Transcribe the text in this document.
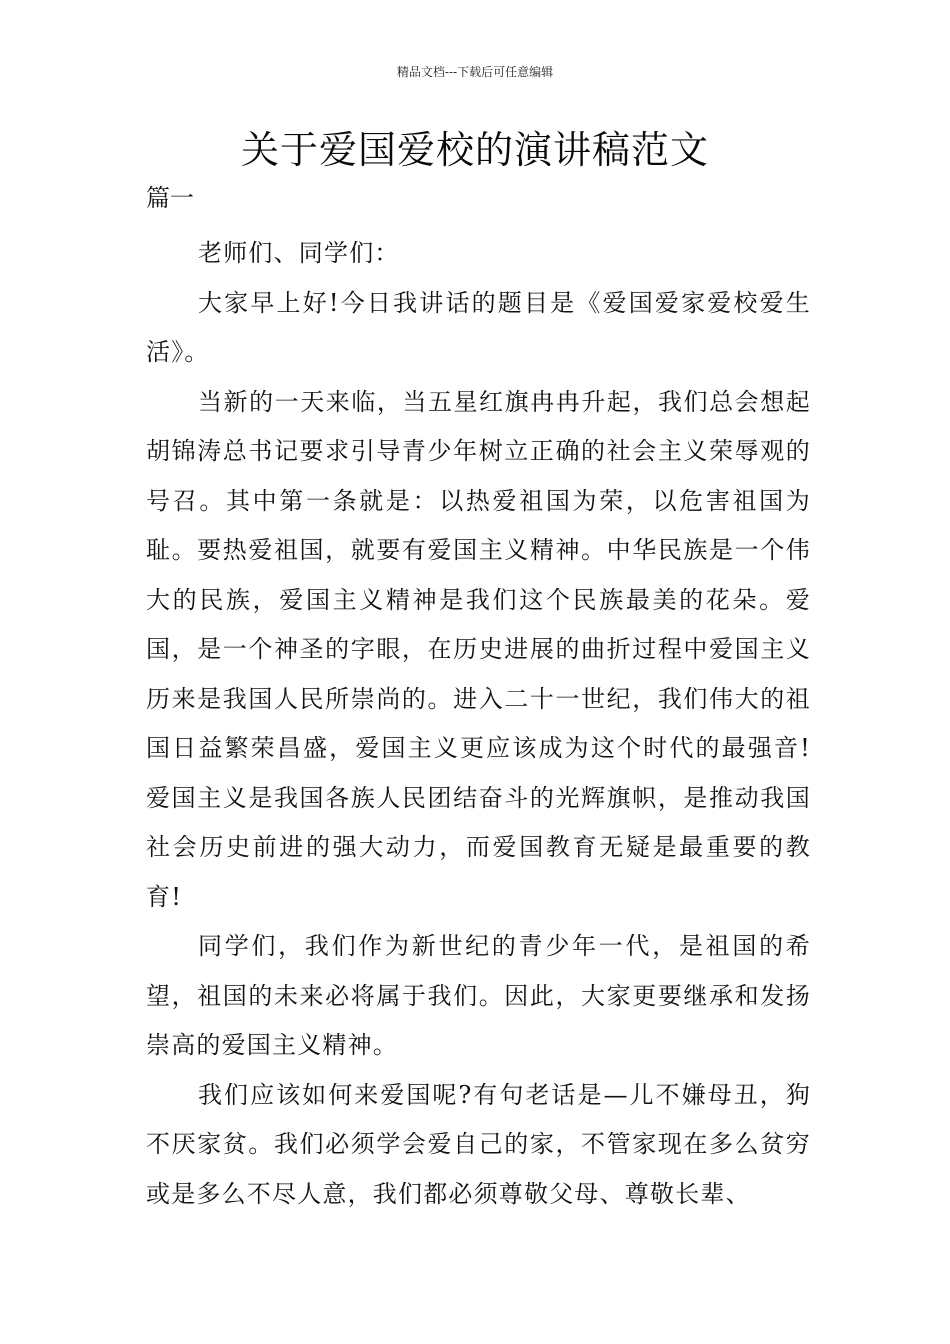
精品文档---下载后可任意编辑
关于爱国爱校的演讲稿范文
篇一

老师们、同学们：

大家早上好!今日我讲话的题目是《爱国爱家爱校爱生活》。

当新的一天来临，当五星红旗冉冉升起，我们总会想起胡锦涛总书记要求引导青少年树立正确的社会主义荣辱观的号召。其中第一条就是：以热爱祖国为荣，以危害祖国为耻。要热爱祖国，就要有爱国主义精神。中华民族是一个伟大的民族，爱国主义精神是我们这个民族最美的花朵。爱国，是一个神圣的字眼，在历史进展的曲折过程中爱国主义历来是我国人民所崇尚的。进入二十一世纪，我们伟大的祖国日益繁荣昌盛，爱国主义更应该成为这个时代的最强音!爱国主义是我国各族人民团结奋斗的光辉旗帜，是推动我国社会历史前进的强大动力，而爱国教育无疑是最重要的教育!

同学们，我们作为新世纪的青少年一代，是祖国的希望，祖国的未来必将属于我们。因此，大家更要继承和发扬崇高的爱国主义精神。

我们应该如何来爱国呢?有句老话是—儿不嫌母丑，狗不厌家贫。我们必须学会爱自己的家，不管家现在多么贫穷或是多么不尽人意，我们都必须尊敬父母、尊敬长辈、
